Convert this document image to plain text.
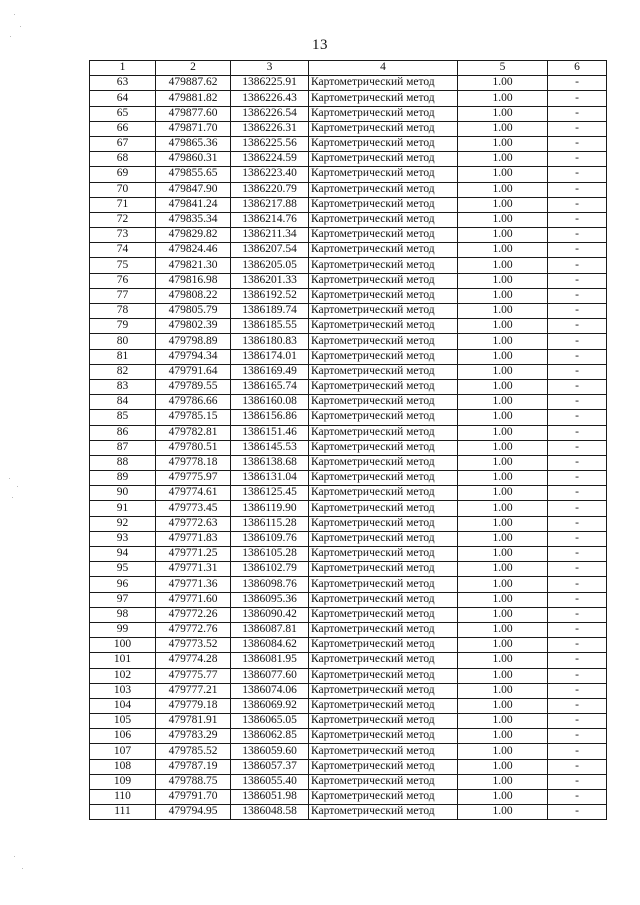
13
1	2	3	4	5	6
63	479887.62	1386225.91	Картометрический метод	1.00	-
64	479881.82	1386226.43	Картометрический метод	1.00	-
65	479877.60	1386226.54	Картометрический метод	1.00	-
66	479871.70	1386226.31	Картометрический метод	1.00	-
67	479865.36	1386225.56	Картометрический метод	1.00	-
68	479860.31	1386224.59	Картометрический метод	1.00	-
69	479855.65	1386223.40	Картометрический метод	1.00	-
70	479847.90	1386220.79	Картометрический метод	1.00	-
71	479841.24	1386217.88	Картометрический метод	1.00	-
72	479835.34	1386214.76	Картометрический метод	1.00	-
73	479829.82	1386211.34	Картометрический метод	1.00	-
74	479824.46	1386207.54	Картометрический метод	1.00	-
75	479821.30	1386205.05	Картометрический метод	1.00	-
76	479816.98	1386201.33	Картометрический метод	1.00	-
77	479808.22	1386192.52	Картометрический метод	1.00	-
78	479805.79	1386189.74	Картометрический метод	1.00	-
79	479802.39	1386185.55	Картометрический метод	1.00	-
80	479798.89	1386180.83	Картометрический метод	1.00	-
81	479794.34	1386174.01	Картометрический метод	1.00	-
82	479791.64	1386169.49	Картометрический метод	1.00	-
83	479789.55	1386165.74	Картометрический метод	1.00	-
84	479786.66	1386160.08	Картометрический метод	1.00	-
85	479785.15	1386156.86	Картометрический метод	1.00	-
86	479782.81	1386151.46	Картометрический метод	1.00	-
87	479780.51	1386145.53	Картометрический метод	1.00	-
88	479778.18	1386138.68	Картометрический метод	1.00	-
89	479775.97	1386131.04	Картометрический метод	1.00	-
90	479774.61	1386125.45	Картометрический метод	1.00	-
91	479773.45	1386119.90	Картометрический метод	1.00	-
92	479772.63	1386115.28	Картометрический метод	1.00	-
93	479771.83	1386109.76	Картометрический метод	1.00	-
94	479771.25	1386105.28	Картометрический метод	1.00	-
95	479771.31	1386102.79	Картометрический метод	1.00	-
96	479771.36	1386098.76	Картометрический метод	1.00	-
97	479771.60	1386095.36	Картометрический метод	1.00	-
98	479772.26	1386090.42	Картометрический метод	1.00	-
99	479772.76	1386087.81	Картометрический метод	1.00	-
100	479773.52	1386084.62	Картометрический метод	1.00	-
101	479774.28	1386081.95	Картометрический метод	1.00	-
102	479775.77	1386077.60	Картометрический метод	1.00	-
103	479777.21	1386074.06	Картометрический метод	1.00	-
104	479779.18	1386069.92	Картометрический метод	1.00	-
105	479781.91	1386065.05	Картометрический метод	1.00	-
106	479783.29	1386062.85	Картометрический метод	1.00	-
107	479785.52	1386059.60	Картометрический метод	1.00	-
108	479787.19	1386057.37	Картометрический метод	1.00	-
109	479788.75	1386055.40	Картометрический метод	1.00	-
110	479791.70	1386051.98	Картометрический метод	1.00	-
111	479794.95	1386048.58	Картометрический метод	1.00	-
